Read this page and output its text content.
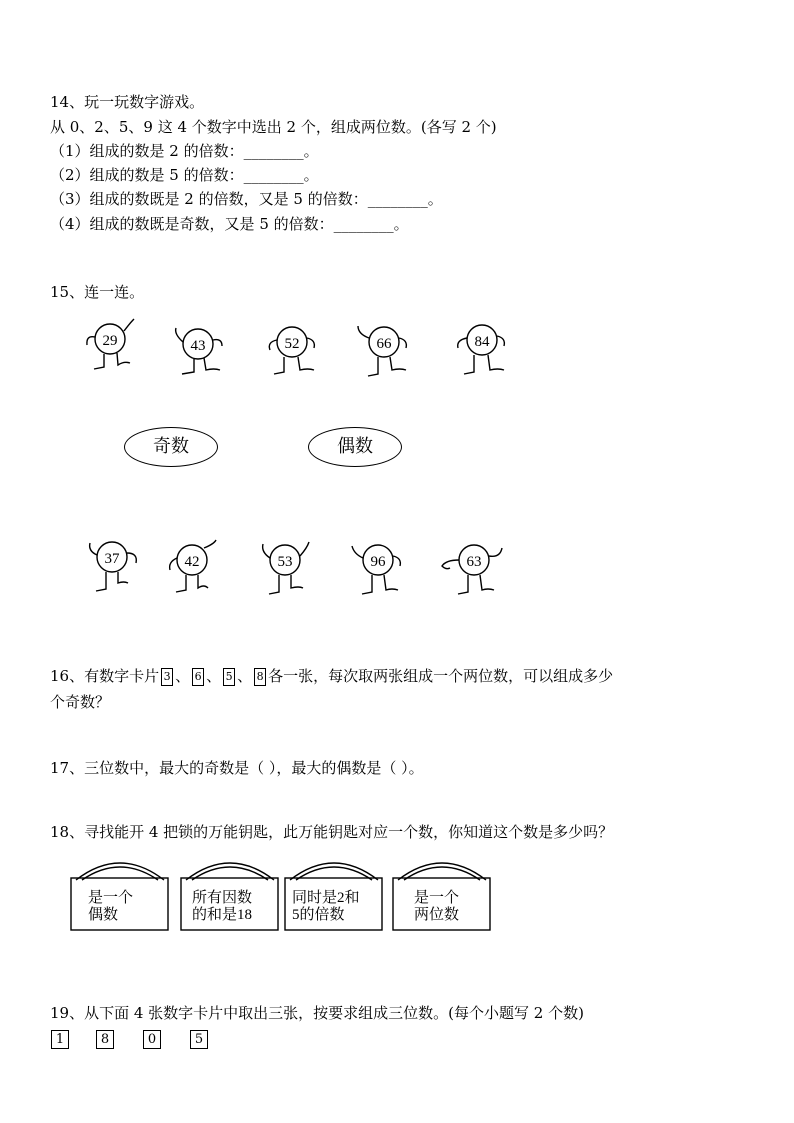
14、玩一玩数字游戏。
从 0、2、5、9 这 4 个数字中选出 2 个，组成两位数。(各写 2 个)
（1）组成的数是 2 的倍数：________。
（2）组成的数是 5 的倍数：________。
（3）组成的数既是 2 的倍数，又是 5 的倍数：________。
（4）组成的数既是奇数，又是 5 的倍数：________。
15、连一连。
29	43	52	66	84
奇数	偶数
37	42	53	96	63
16、有数字卡片 3 、 6 、 5 、 8 各一张，每次取两张组成一个两位数，可以组成多少
个奇数？
17、三位数中，最大的奇数是（ ），最大的偶数是（ ）。
18、寻找能开 4 把锁的万能钥匙，此万能钥匙对应一个数，你知道这个数是多少吗？
是一个
偶数
所有因数
的和是18
同时是2和
5的倍数
是一个
两位数
19、从下面 4 张数字卡片中取出三张，按要求组成三位数。(每个小题写 2 个数)
1	8	0	5
